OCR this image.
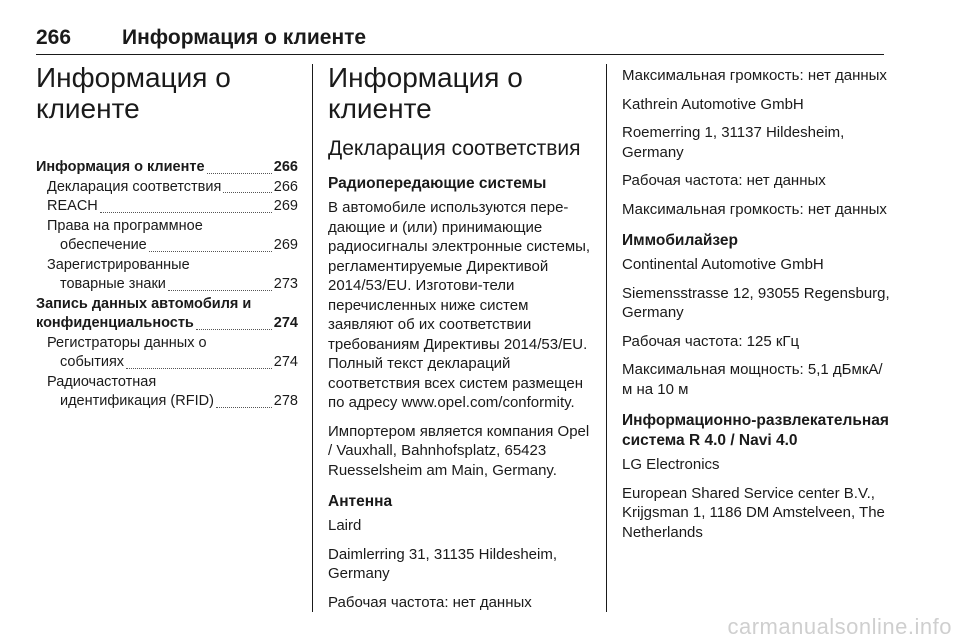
266 Информация о клиенте
Информация о клиенте
Информация о клиенте	266
Декларация соответствия	266
REACH	269
Права на программное
обеспечение	269
Зарегистрированные
товарные знаки	273
Запись данных автомобиля и
конфиденциальность	274
Регистраторы данных о
событиях	274
Радиочастотная
идентификация (RFID)	278
Информация о клиенте
Декларация соответствия
Радиопередающие системы

В автомобиле используются пере-дающие и (или) принимающие радиосигналы электронные системы, регламентируемые Директивой 2014/53/EU. Изготови-тели перечисленных ниже систем заявляют об их соответствии требованиям Директивы 2014/53/EU. Полный текст деклараций соответствия всех систем размещен по адресу www.opel.com/conformity.

Импортером является компания Opel / Vauxhall, Bahnhofsplatz, 65423 Ruesselsheim am Main, Germany.

Антенна

Laird

Daimlerring 31, 31135 Hildesheim, Germany

Рабочая частота: нет данных

Максимальная громкость: нет данных

Kathrein Automotive GmbH

Roemerring 1, 31137 Hildesheim, Germany

Рабочая частота: нет данных

Максимальная громкость: нет данных

Иммобилайзер

Continental Automotive GmbH

Siemensstrasse 12, 93055 Regensburg, Germany

Рабочая частота: 125 кГц

Максимальная мощность: 5,1 дБмкА/м на 10 м

Информационно-развлекательная система R 4.0 / Navi 4.0

LG Electronics

European Shared Service center B.V., Krijgsman 1, 1186 DM Amstelveen, The Netherlands

carmanualsonline.info
